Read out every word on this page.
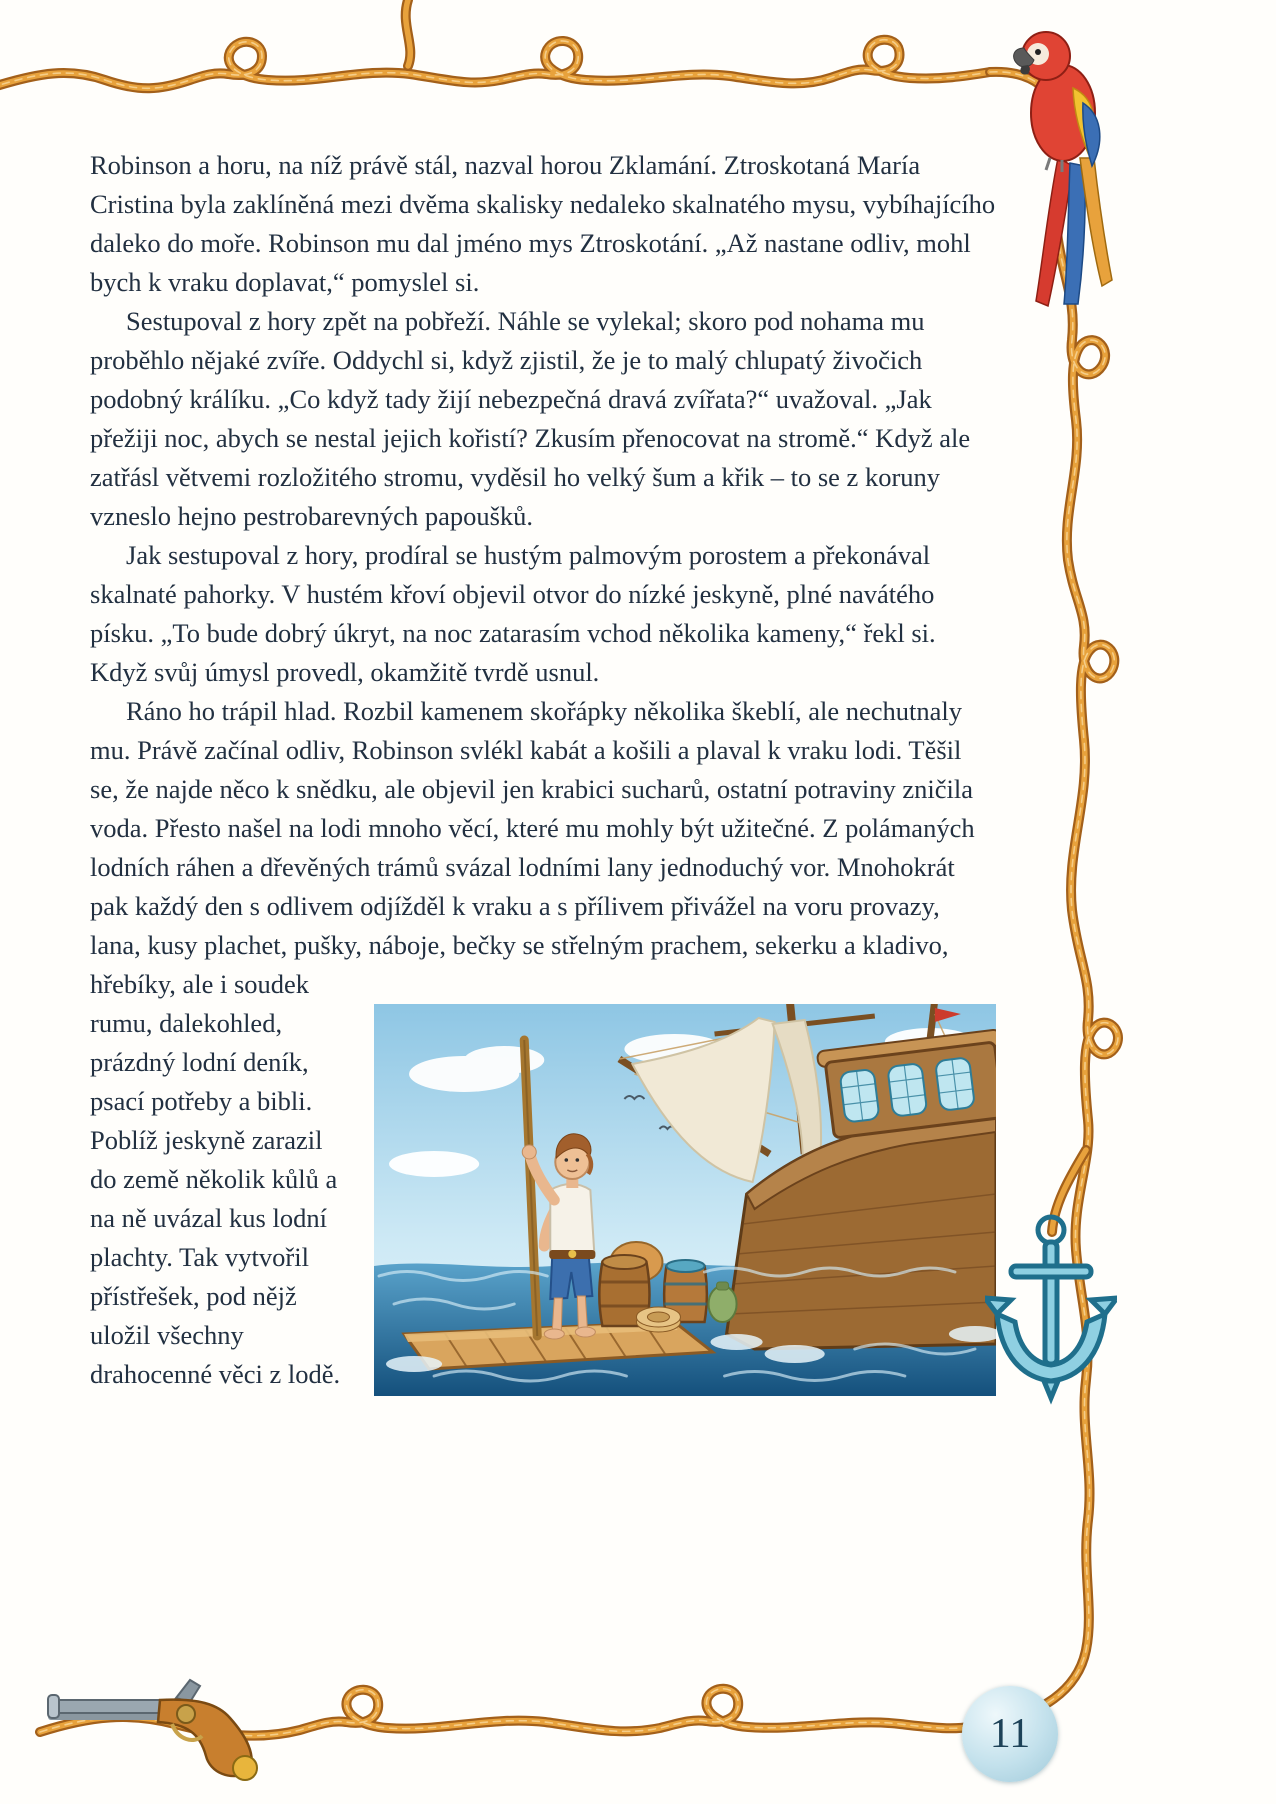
Robinson a horu, na níž právě stál, nazval horou Zklamání. Ztroskotaná María Cristina byla zaklíněná mezi dvěma skalisky nedaleko skalnatého mysu, vybíhajícího daleko do moře. Robinson mu dal jméno mys Ztroskotání. „Až nastane odliv, mohl bych k vraku doplavat,“ pomyslel si.

Sestupoval z hory zpět na pobřeží. Náhle se vylekal; skoro pod nohama mu proběhlo nějaké zvíře. Oddychl si, když zjistil, že je to malý chlupatý živočich podobný králíku. „Co když tady žijí nebezpečná dravá zvířata?“ uvažoval. „Jak přežiji noc, abych se nestal jejich kořistí? Zkusím přenocovat na stromě.“ Když ale zatřásl větvemi rozložitého stromu, vyděsil ho velký šum a křik – to se z koruny vzneslo hejno pestrobarevných papoušků.

Jak sestupoval z hory, prodíral se hustým palmovým porostem a překonával skalnaté pahorky. V hustém křoví objevil otvor do nízké jeskyně, plné navátého písku. „To bude dobrý úkryt, na noc zatarasím vchod několika kameny,“ řekl si. Když svůj úmysl provedl, okamžitě tvrdě usnul.

Ráno ho trápil hlad. Rozbil kamenem skořápky několika škeblí, ale nechutnaly mu. Právě začínal odliv, Robinson svlékl kabát a košili a plaval k vraku lodi. Těšil se, že najde něco k snědku, ale objevil jen krabici sucharů, ostatní potraviny zničila voda. Přesto našel na lodi mnoho věcí, které mu mohly být užitečné. Z polámaných lodních ráhen a dřevěných trámů svázal lodními lany jednoduchý vor. Mnohokrát pak každý den s odlivem odjížděl k vraku a s přílivem přivážel na voru provazy, lana, kusy plachet, pušky, náboje, bečky se střelným prachem, sekerku a kladivo, hřebíky, ale i soudek

rumu, dalekohled, prázdný lodní deník, psací potřeby a bibli. Poblíž jeskyně zarazil do země několik kůlů a na ně uvázal kus lodní plachty. Tak vytvořil přístřešek, pod nějž uložil všechny drahocenné věci z lodě.

11
